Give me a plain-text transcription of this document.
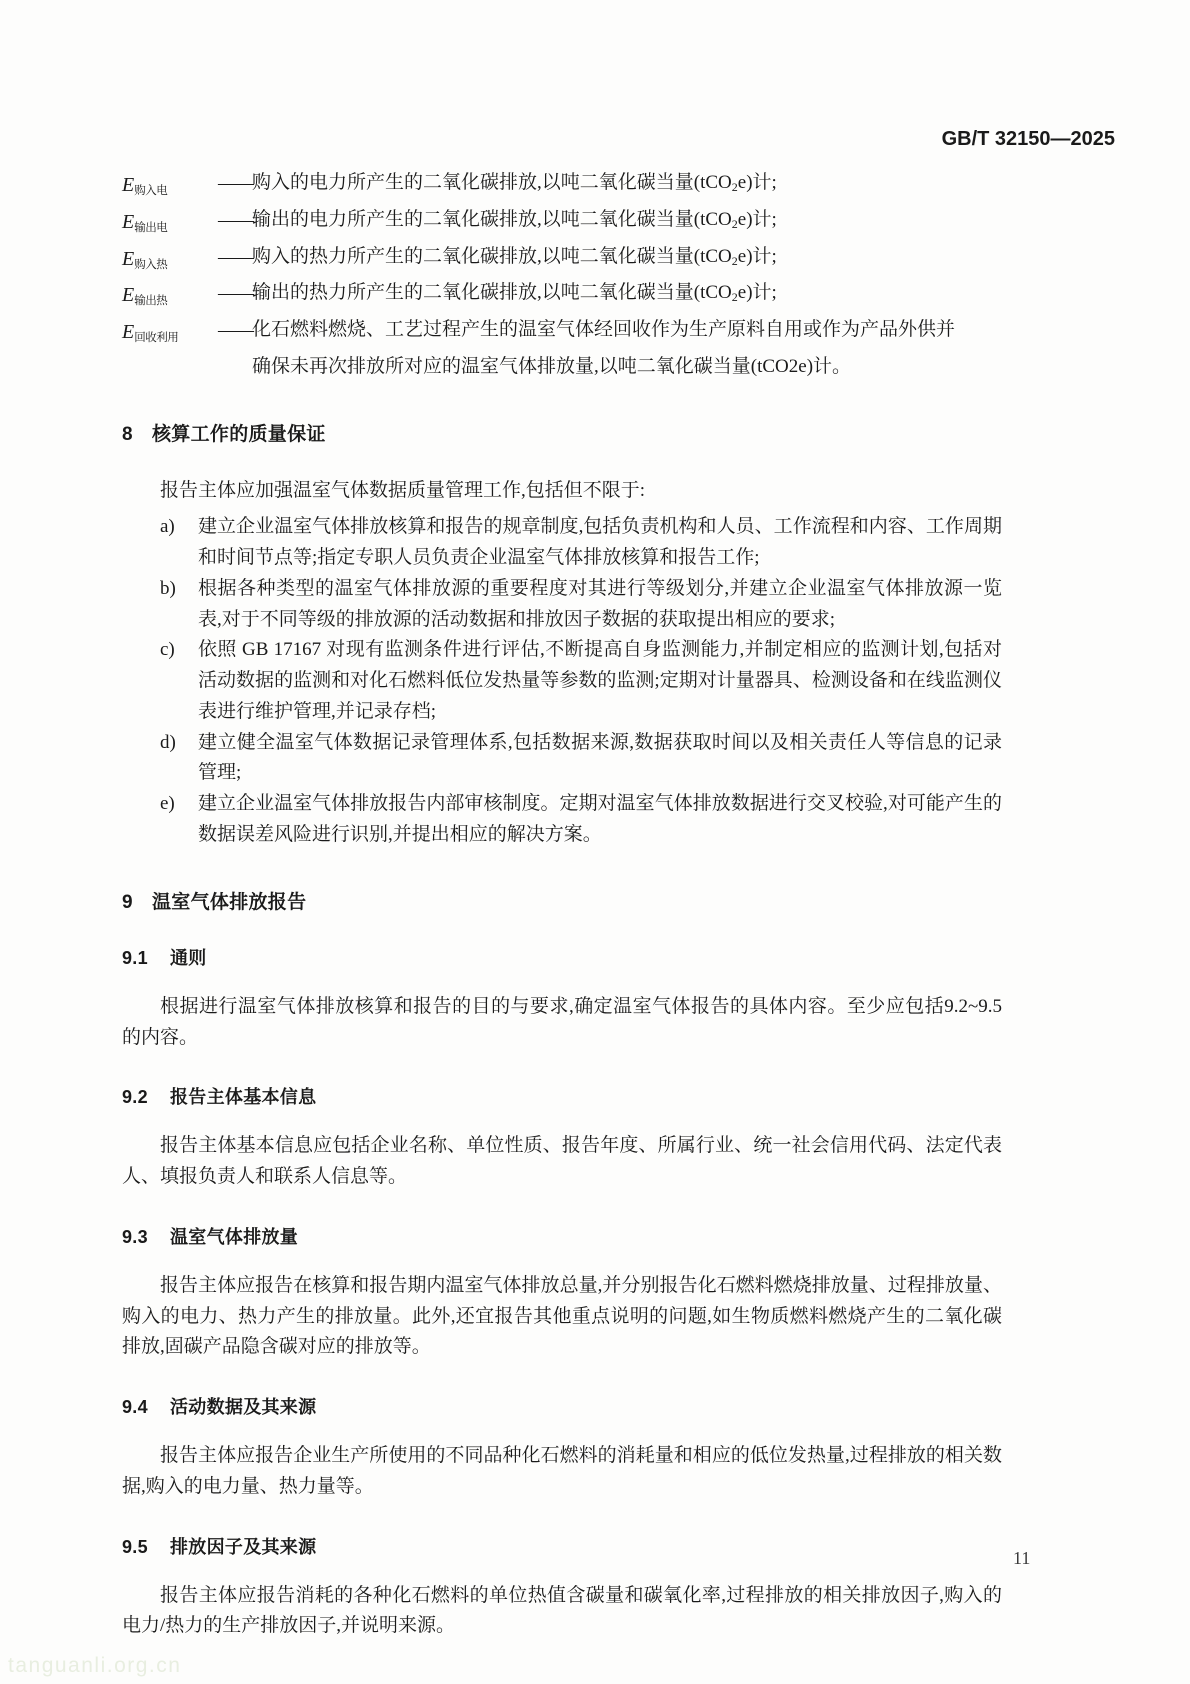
GB/T 32150—2025
$E_{购入电}$	—— 购入的电力所产生的二氧化碳排放,以吨二氧化碳当量(tCO$_2$e)计;
$E_{输出电}$	—— 输出的电力所产生的二氧化碳排放,以吨二氧化碳当量(tCO$_2$e)计;
$E_{购入热}$	—— 购入的热力所产生的二氧化碳排放,以吨二氧化碳当量(tCO$_2$e)计;
$E_{输出热}$	—— 输出的热力所产生的二氧化碳排放,以吨二氧化碳当量(tCO$_2$e)计;
$E_{回收利用}$	—— 化石燃料燃烧、工艺过程产生的温室气体经回收作为生产原料自用或作为产品外供并
确保未再次排放所对应的温室气体排放量,以吨二氧化碳当量(tCO2e)计。
8 核算工作的质量保证

报告主体应加强温室气体数据质量管理工作,包括但不限于:

a)	建立企业温室气体排放核算和报告的规章制度,包括负责机构和人员、工作流程和内容、工作周期和时间节点等;指定专职人员负责企业温室气体排放核算和报告工作;
b)	根据各种类型的温室气体排放源的重要程度对其进行等级划分,并建立企业温室气体排放源一览表,对于不同等级的排放源的活动数据和排放因子数据的获取提出相应的要求;
c)	依照 GB 17167 对现有监测条件进行评估,不断提高自身监测能力,并制定相应的监测计划,包括对活动数据的监测和对化石燃料低位发热量等参数的监测;定期对计量器具、检测设备和在线监测仪表进行维护管理,并记录存档;
d)	建立健全温室气体数据记录管理体系,包括数据来源,数据获取时间以及相关责任人等信息的记录管理;
e)	建立企业温室气体排放报告内部审核制度。定期对温室气体排放数据进行交叉校验,对可能产生的数据误差风险进行识别,并提出相应的解决方案。
9 温室气体排放报告
9.1 通则

根据进行温室气体排放核算和报告的目的与要求,确定温室气体报告的具体内容。至少应包括9.2~9.5 的内容。

9.2 报告主体基本信息

报告主体基本信息应包括企业名称、单位性质、报告年度、所属行业、统一社会信用代码、法定代表人、填报负责人和联系人信息等。

9.3 温室气体排放量

报告主体应报告在核算和报告期内温室气体排放总量,并分别报告化石燃料燃烧排放量、过程排放量、购入的电力、热力产生的排放量。此外,还宜报告其他重点说明的问题,如生物质燃料燃烧产生的二氧化碳排放,固碳产品隐含碳对应的排放等。

9.4 活动数据及其来源

报告主体应报告企业生产所使用的不同品种化石燃料的消耗量和相应的低位发热量,过程排放的相关数据,购入的电力量、热力量等。

9.5 排放因子及其来源

报告主体应报告消耗的各种化石燃料的单位热值含碳量和碳氧化率,过程排放的相关排放因子,购入的电力/热力的生产排放因子,并说明来源。

11
tanguanli.org.cn
